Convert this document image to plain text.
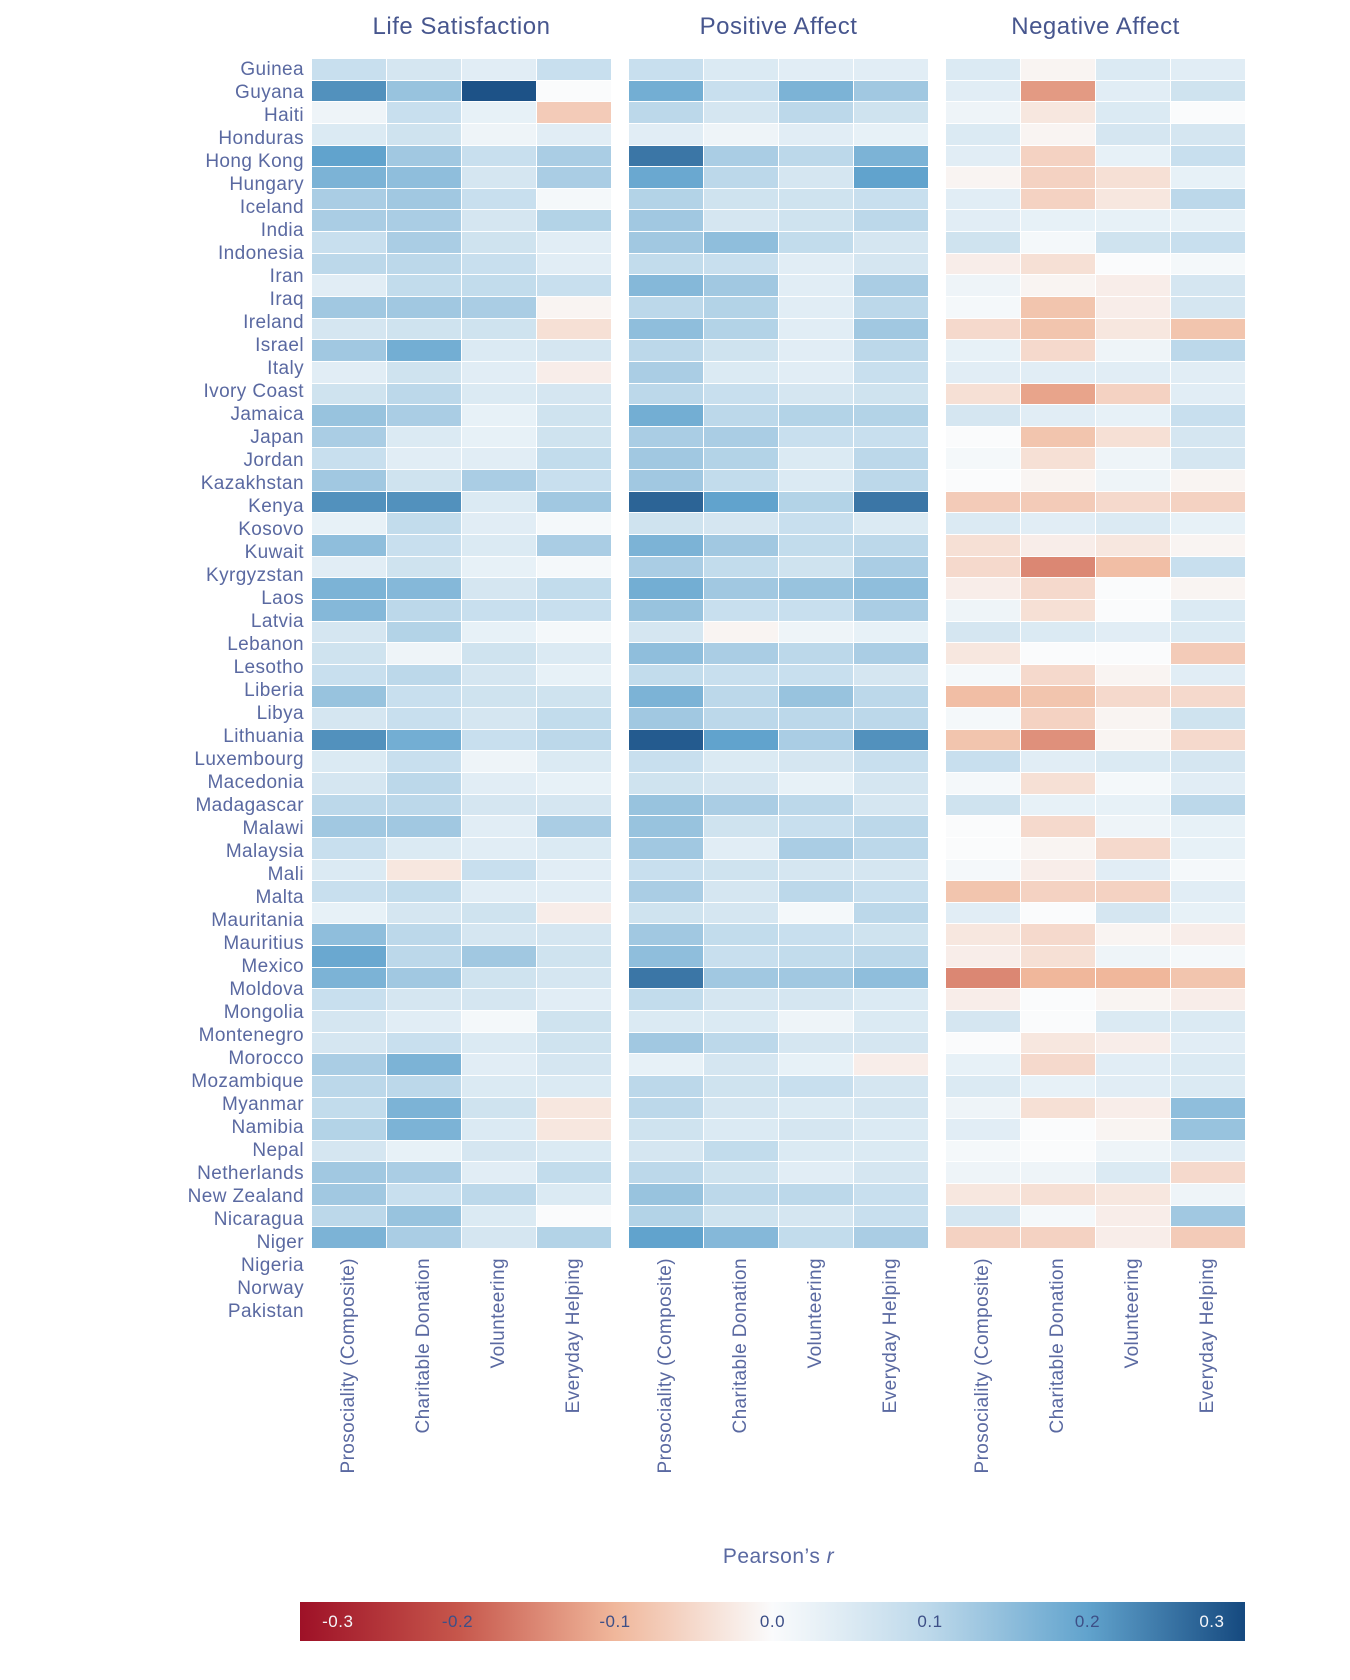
Life Satisfaction	Positive Affect	Negative Affect
Guinea
Guyana
Haiti
Honduras
Hong Kong
Hungary
Iceland
India
Indonesia
Iran
Iraq
Ireland
Israel
Italy
Ivory Coast
Jamaica
Japan
Jordan
Kazakhstan
Kenya
Kosovo
Kuwait
Kyrgyzstan
Laos
Latvia
Lebanon
Lesotho
Liberia
Libya
Lithuania
Luxembourg
Macedonia
Madagascar
Malawi
Malaysia
Mali
Malta
Mauritania
Mauritius
Mexico
Moldova
Mongolia
Montenegro
Morocco
Mozambique
Myanmar
Namibia
Nepal
Netherlands
New Zealand
Nicaragua
Niger
Nigeria
Norway
Pakistan Prosociality (Composite)	Charitable Donation	Volunteering	Everyday Helping	Prosociality (Composite)	Charitable Donation	Volunteering	Everyday Helping	Prosociality (Composite)	Charitable Donation	Volunteering	Everyday Helping
Pearson’s r
-0.3	-0.2	-0.1	0.0	0.1	0.2	0.3
